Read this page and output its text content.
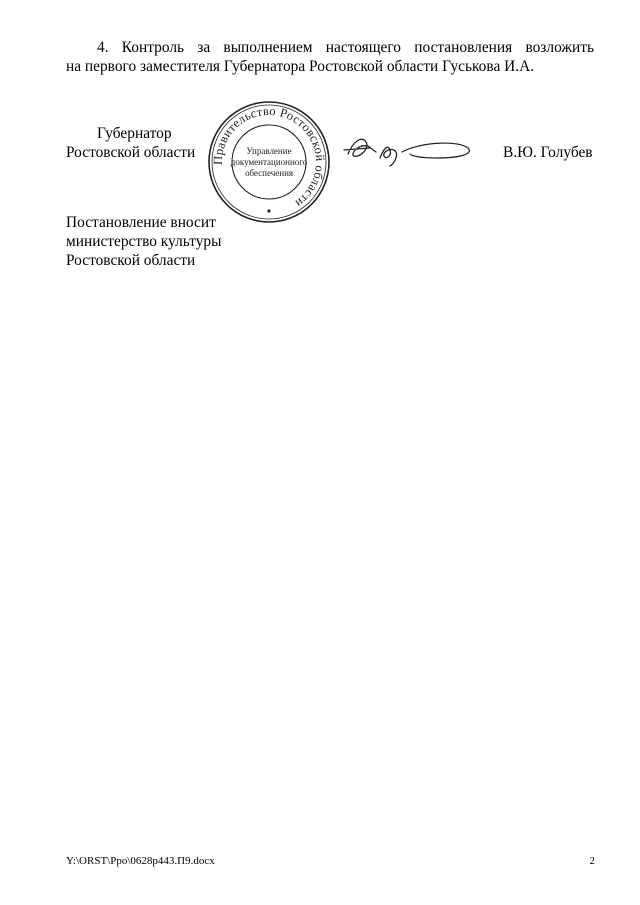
4. Контроль за выполнением настоящего постановления возложить
на первого заместителя Губернатора Ростовской области Гуськова И.А.
Губернатор
Ростовской области Правительство Ростовской области
Управление
документационного
обеспечения
В.Ю. Голубев
Постановление вносит
министерство культуры
Ростовской области
Y:\ORST\Ppo\0628p443.П9.docx	2
